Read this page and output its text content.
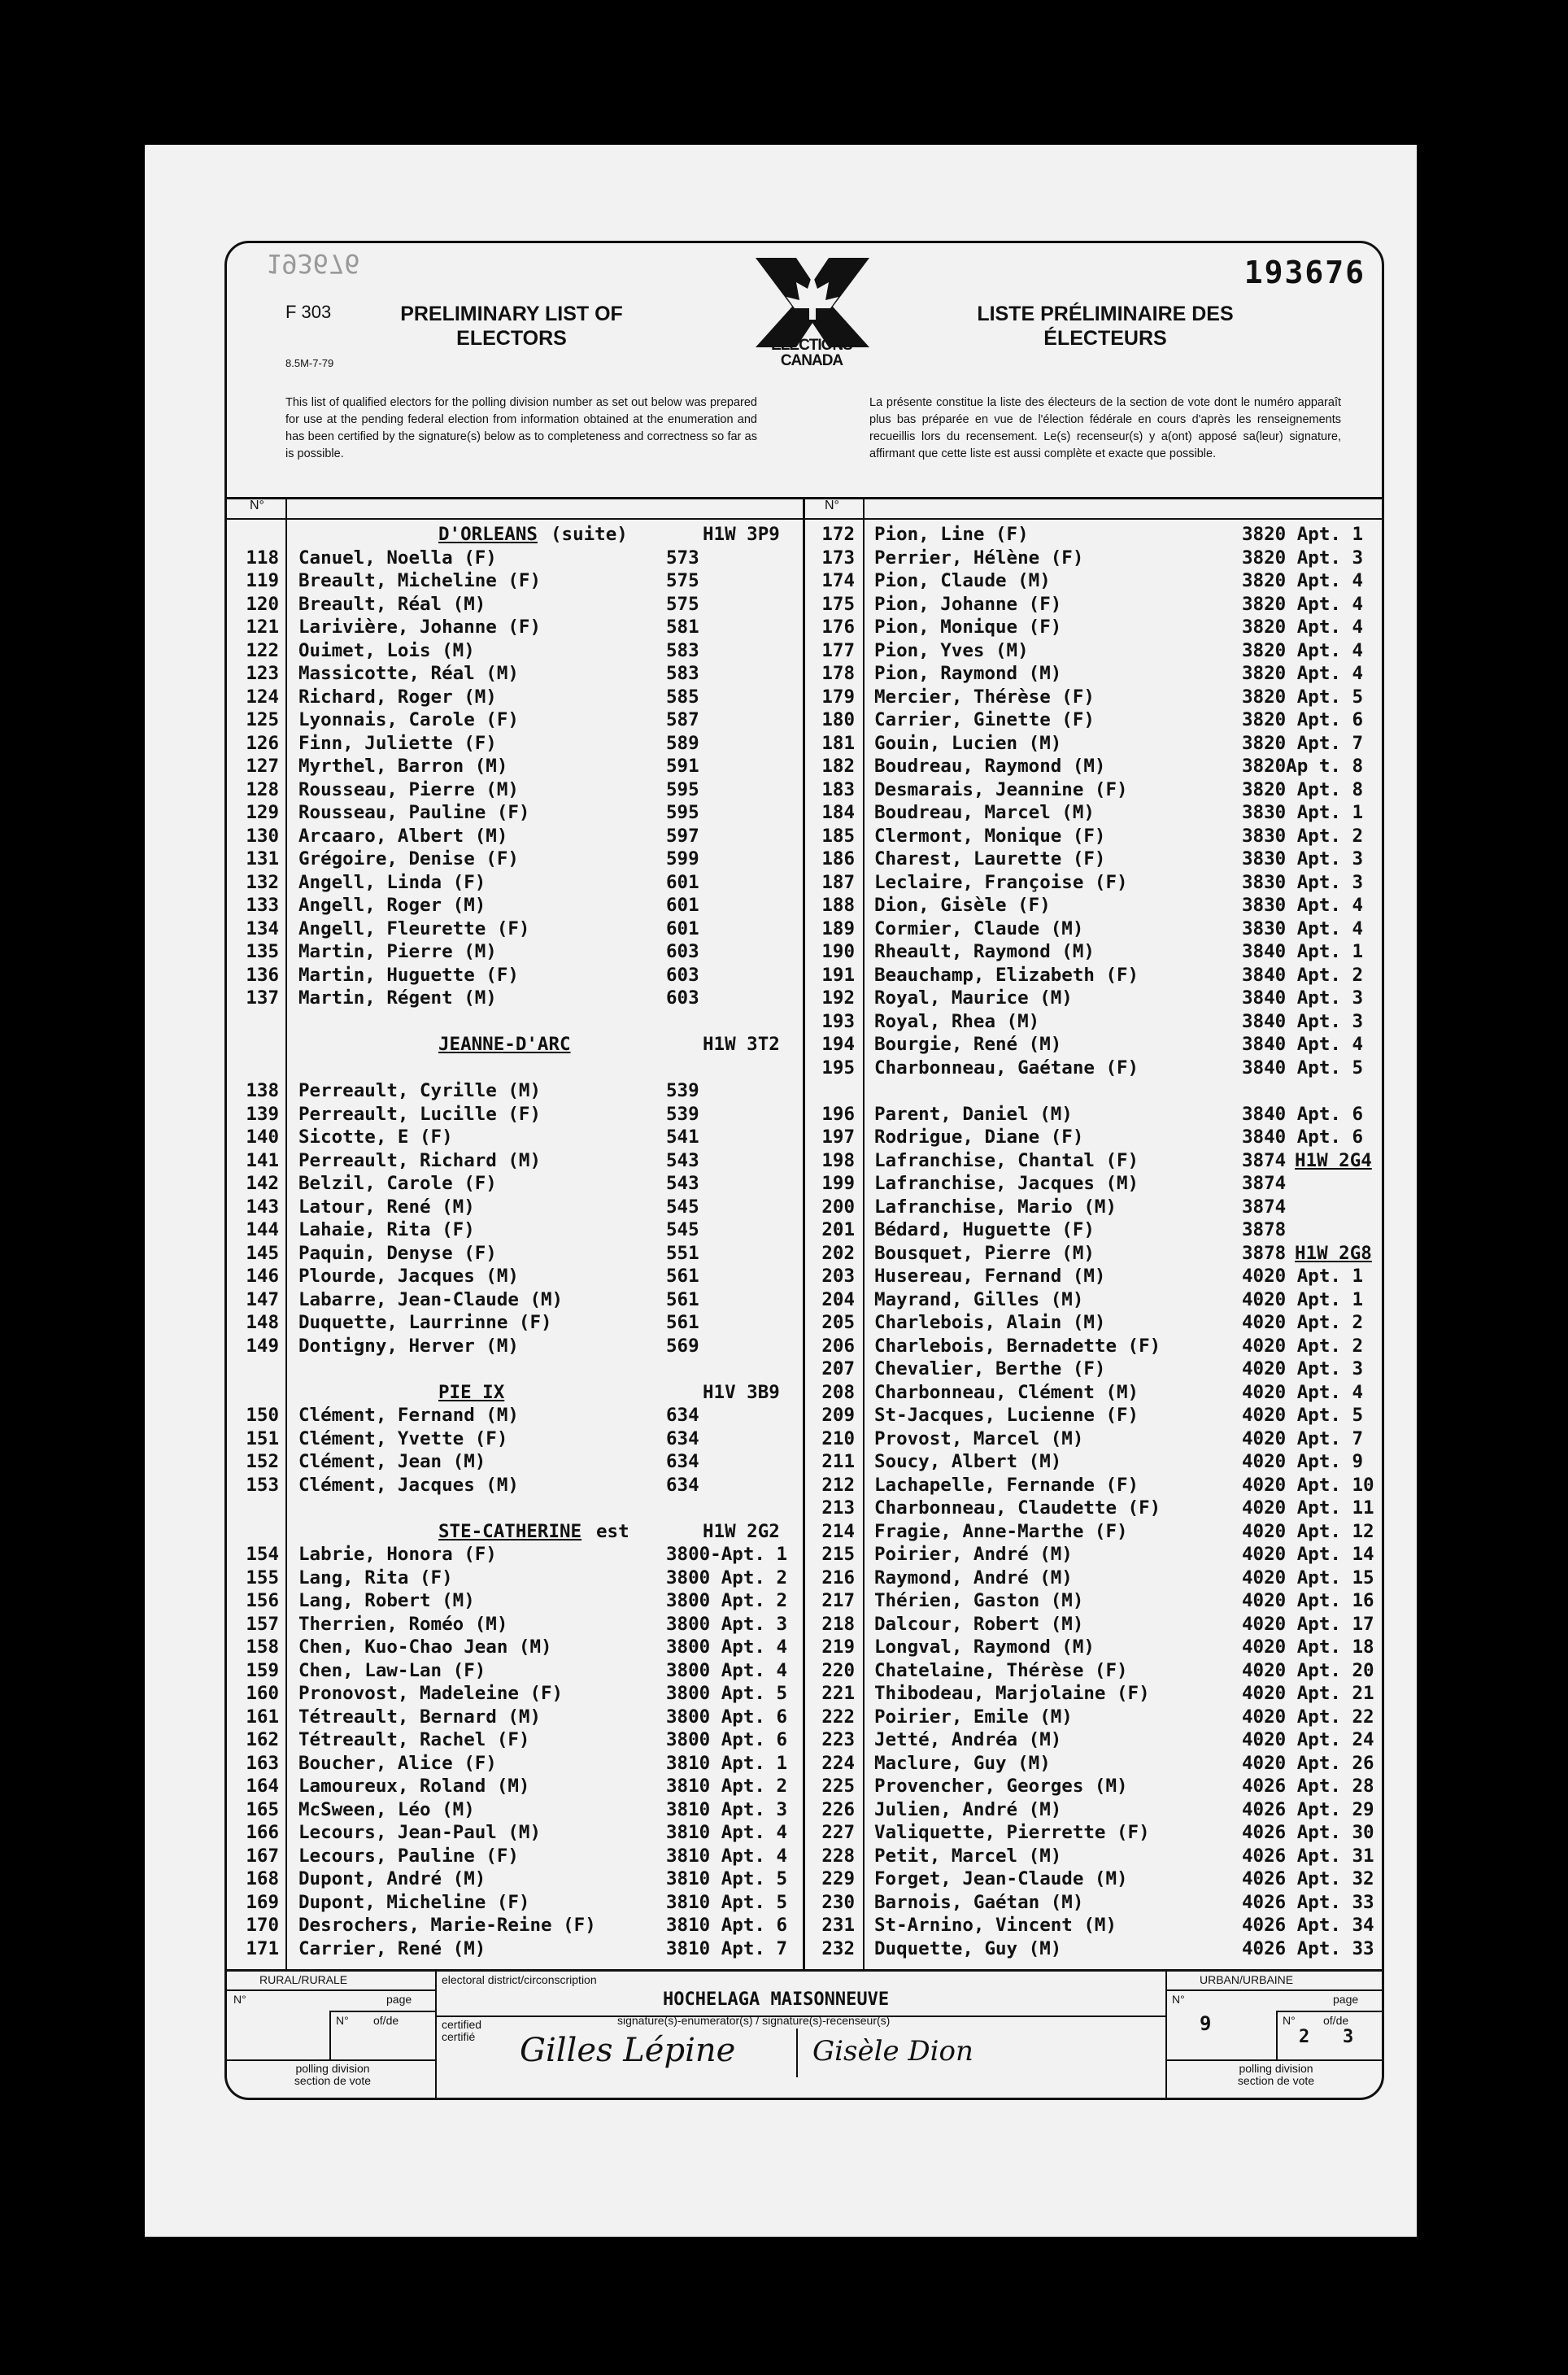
193676	193676
F 303
8.5M-7-79
PRELIMINARY LIST OF ELECTORS
LISTE PRÉLIMINAIRE DES ÉLECTEURS
ELECTIONS
CANADA
This list of qualified electors for the polling division number as set out below was prepared for use at the pending federal election from information obtained at the enumeration and has been certified by the signature(s) below as to completeness and correctness so far as is possible.
La présente constitue la liste des électeurs de la section de vote dont le numéro apparaît plus bas préparée en vue de l'élection fédérale en cours d'après les renseignements recueillis lors du recensement. Le(s) recenseur(s) y a(ont) apposé sa(leur) signature, affirmant que cette liste est aussi complète et exacte que possible.
N°	N°
D'ORLEANS (suite)	H1W 3P9
118 Canuel, Noella (F)	573
119 Breault, Micheline (F)	575
120 Breault, Réal (M)	575
121 Larivière, Johanne (F)	581
122 Ouimet, Lois (M)	583
123 Massicotte, Réal (M)	583
124 Richard, Roger (M)	585
125 Lyonnais, Carole (F)	587
126 Finn, Juliette (F)	589
127 Myrthel, Barron (M)	591
128 Rousseau, Pierre (M)	595
129 Rousseau, Pauline (F)	595
130 Arcaaro, Albert (M)	597
131 Grégoire, Denise (F)	599
132 Angell, Linda (F)	601
133 Angell, Roger (M)	601
134 Angell, Fleurette (F)	601
135 Martin, Pierre (M)	603
136 Martin, Huguette (F)	603
137 Martin, Régent (M)	603
JEANNE-D'ARC	H1W 3T2
138 Perreault, Cyrille (M)	539
139 Perreault, Lucille (F)	539
140 Sicotte, E (F)	541
141 Perreault, Richard (M)	543
142 Belzil, Carole (F)	543
143 Latour, René (M)	545
144 Lahaie, Rita (F)	545
145 Paquin, Denyse (F)	551
146 Plourde, Jacques (M)	561
147 Labarre, Jean-Claude (M)	561
148 Duquette, Laurrinne (F)	561
149 Dontigny, Herver (M)	569
PIE IX	H1V 3B9
150 Clément, Fernand (M)	634
151 Clément, Yvette (F)	634
152 Clément, Jean (M)	634
153 Clément, Jacques (M)	634
STE-CATHERINE est	H1W 2G2
154 Labrie, Honora (F)	3800-Apt. 1
155 Lang, Rita (F)	3800 Apt. 2
156 Lang, Robert (M)	3800 Apt. 2
157 Therrien, Roméo (M)	3800 Apt. 3
158 Chen, Kuo-Chao Jean (M)	3800 Apt. 4
159 Chen, Law-Lan (F)	3800 Apt. 4
160 Pronovost, Madeleine (F)	3800 Apt. 5
161 Tétreault, Bernard (M)	3800 Apt. 6
162 Tétreault, Rachel (F)	3800 Apt. 6
163 Boucher, Alice (F)	3810 Apt. 1
164 Lamoureux, Roland (M)	3810 Apt. 2
165 McSween, Léo (M)	3810 Apt. 3
166 Lecours, Jean-Paul (M)	3810 Apt. 4
167 Lecours, Pauline (F)	3810 Apt. 4
168 Dupont, André (M)	3810 Apt. 5
169 Dupont, Micheline (F)	3810 Apt. 5
170 Desrochers, Marie-Reine (F)	3810 Apt. 6
171 Carrier, René (M)	3810 Apt. 7
172 Pion, Line (F)	3820 Apt. 1
173 Perrier, Hélène (F)	3820 Apt. 3
174 Pion, Claude (M)	3820 Apt. 4
175 Pion, Johanne (F)	3820 Apt. 4
176 Pion, Monique (F)	3820 Apt. 4
177 Pion, Yves (M)	3820 Apt. 4
178 Pion, Raymond (M)	3820 Apt. 4
179 Mercier, Thérèse (F)	3820 Apt. 5
180 Carrier, Ginette (F)	3820 Apt. 6
181 Gouin, Lucien (M)	3820 Apt. 7
182 Boudreau, Raymond (M)	3820Ap t. 8
183 Desmarais, Jeannine (F)	3820 Apt. 8
184 Boudreau, Marcel (M)	3830 Apt. 1
185 Clermont, Monique (F)	3830 Apt. 2
186 Charest, Laurette (F)	3830 Apt. 3
187 Leclaire, Françoise (F)	3830 Apt. 3
188 Dion, Gisèle (F)	3830 Apt. 4
189 Cormier, Claude (M)	3830 Apt. 4
190 Rheault, Raymond (M)	3840 Apt. 1
191 Beauchamp, Elizabeth (F)	3840 Apt. 2
192 Royal, Maurice (M)	3840 Apt. 3
193 Royal, Rhea (M)	3840 Apt. 3
194 Bourgie, René (M)	3840 Apt. 4
195 Charbonneau, Gaétane (F)	3840 Apt. 5
196 Parent, Daniel (M)	3840 Apt. 6
197 Rodrigue, Diane (F)	3840 Apt. 6
198 Lafranchise, Chantal (F)	3874 H1W 2G4
199 Lafranchise, Jacques (M)	3874
200 Lafranchise, Mario (M)	3874
201 Bédard, Huguette (F)	3878
202 Bousquet, Pierre (M)	3878 H1W 2G8
203 Husereau, Fernand (M)	4020 Apt. 1
204 Mayrand, Gilles (M)	4020 Apt. 1
205 Charlebois, Alain (M)	4020 Apt. 2
206 Charlebois, Bernadette (F)	4020 Apt. 2
207 Chevalier, Berthe (F)	4020 Apt. 3
208 Charbonneau, Clément (M)	4020 Apt. 4
209 St-Jacques, Lucienne (F)	4020 Apt. 5
210 Provost, Marcel (M)	4020 Apt. 7
211 Soucy, Albert (M)	4020 Apt. 9
212 Lachapelle, Fernande (F)	4020 Apt. 10
213 Charbonneau, Claudette (F)	4020 Apt. 11
214 Fragie, Anne-Marthe (F)	4020 Apt. 12
215 Poirier, André (M)	4020 Apt. 14
216 Raymond, André (M)	4020 Apt. 15
217 Thérien, Gaston (M)	4020 Apt. 16
218 Dalcour, Robert (M)	4020 Apt. 17
219 Longval, Raymond (M)	4020 Apt. 18
220 Chatelaine, Thérèse (F)	4020 Apt. 20
221 Thibodeau, Marjolaine (F)	4020 Apt. 21
222 Poirier, Emile (M)	4020 Apt. 22
223 Jetté, Andréa (M)	4020 Apt. 24
224 Maclure, Guy (M)	4020 Apt. 26
225 Provencher, Georges (M)	4026 Apt. 28
226 Julien, André (M)	4026 Apt. 29
227 Valiquette, Pierrette (F)	4026 Apt. 30
228 Petit, Marcel (M)	4026 Apt. 31
229 Forget, Jean-Claude (M)	4026 Apt. 32
230 Barnois, Gaétan (M)	4026 Apt. 33
231 St-Arnino, Vincent (M)	4026 Apt. 34
232 Duquette, Guy (M)	4026 Apt. 33
RURAL/RURALE
N°	page
N° of/de
polling division
section de vote
electoral district/circonscription
HOCHELAGA MAISONNEUVE
certified
certifié
signature(s)-enumerator(s) / signature(s)-recenseur(s)
Gilles Lépine	Gisèle Dion
URBAN/URBAINE
N°	page
9	N° of/de
2 3
polling division
section de vote
